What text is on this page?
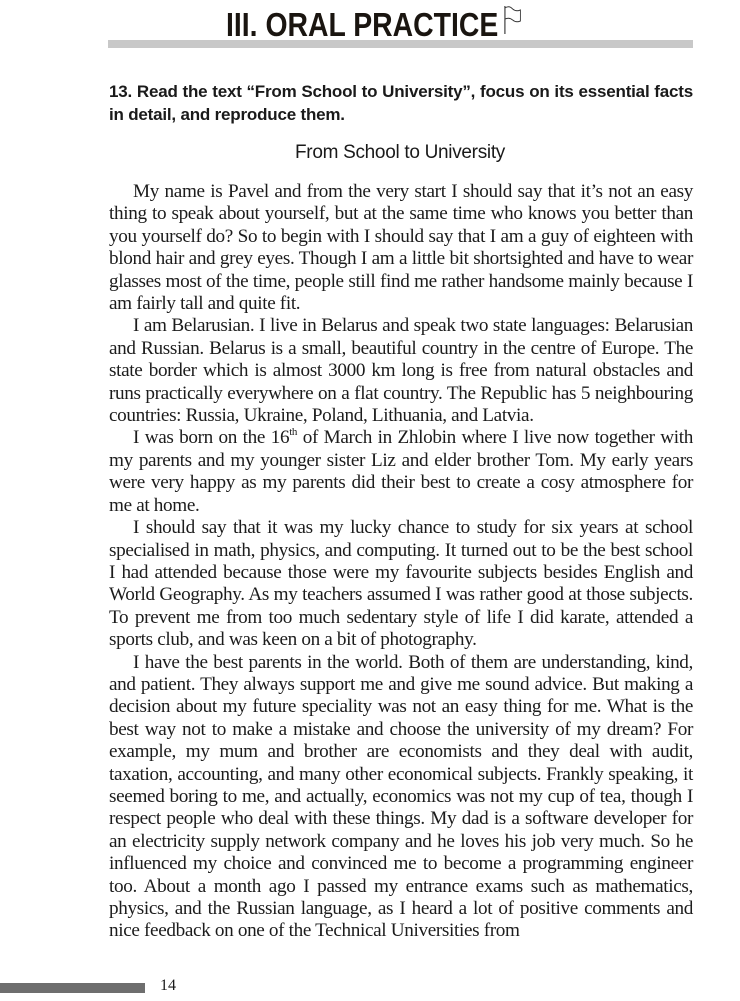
III. ORAL PRACTICE
13. Read the text “From School to University”, focus on its essential facts in detail, and reproduce them.
From School to University

My name is Pavel and from the very start I should say that it’s not an easy thing to speak about yourself, but at the same time who knows you better than you yourself do? So to begin with I should say that I am a guy of eighteen with blond hair and grey eyes. Though I am a little bit shortsighted and have to wear glasses most of the time, people still find me rather handsome mainly because I am fairly tall and quite fit.

I am Belarusian. I live in Belarus and speak two state languages: Belarusian and Russian. Belarus is a small, beautiful country in the centre of Europe. The state border which is almost 3000 km long is free from natural obstacles and runs practically everywhere on a flat country. The Republic has 5 neighbouring countries: Russia, Ukraine, Poland, Lithuania, and Latvia.

I was born on the 16th of March in Zhlobin where I live now together with my parents and my younger sister Liz and elder brother Tom. My early years were very happy as my parents did their best to create a cosy atmosphere for me at home.

I should say that it was my lucky chance to study for six years at school specialised in math, physics, and computing. It turned out to be the best school I had attended because those were my favourite subjects besides English and World Geography. As my teachers assumed I was rather good at those subjects. To prevent me from too much sedentary style of life I did karate, attended a sports club, and was keen on a bit of photography.

I have the best parents in the world. Both of them are understanding, kind, and patient. They always support me and give me sound advice. But making a decision about my future speciality was not an easy thing for me. What is the best way not to make a mistake and choose the university of my dream? For example, my mum and brother are economists and they deal with audit, taxation, accounting, and many other economical subjects. Frankly speaking, it seemed boring to me, and actually, economics was not my cup of tea, though I respect people who deal with these things. My dad is a software developer for an electricity supply network company and he loves his job very much. So he influenced my choice and convinced me to become a programming engineer too. About a month ago I passed my entrance exams such as mathematics, physics, and the Russian language, as I heard a lot of positive comments and nice feedback on one of the Technical Universities from

14
